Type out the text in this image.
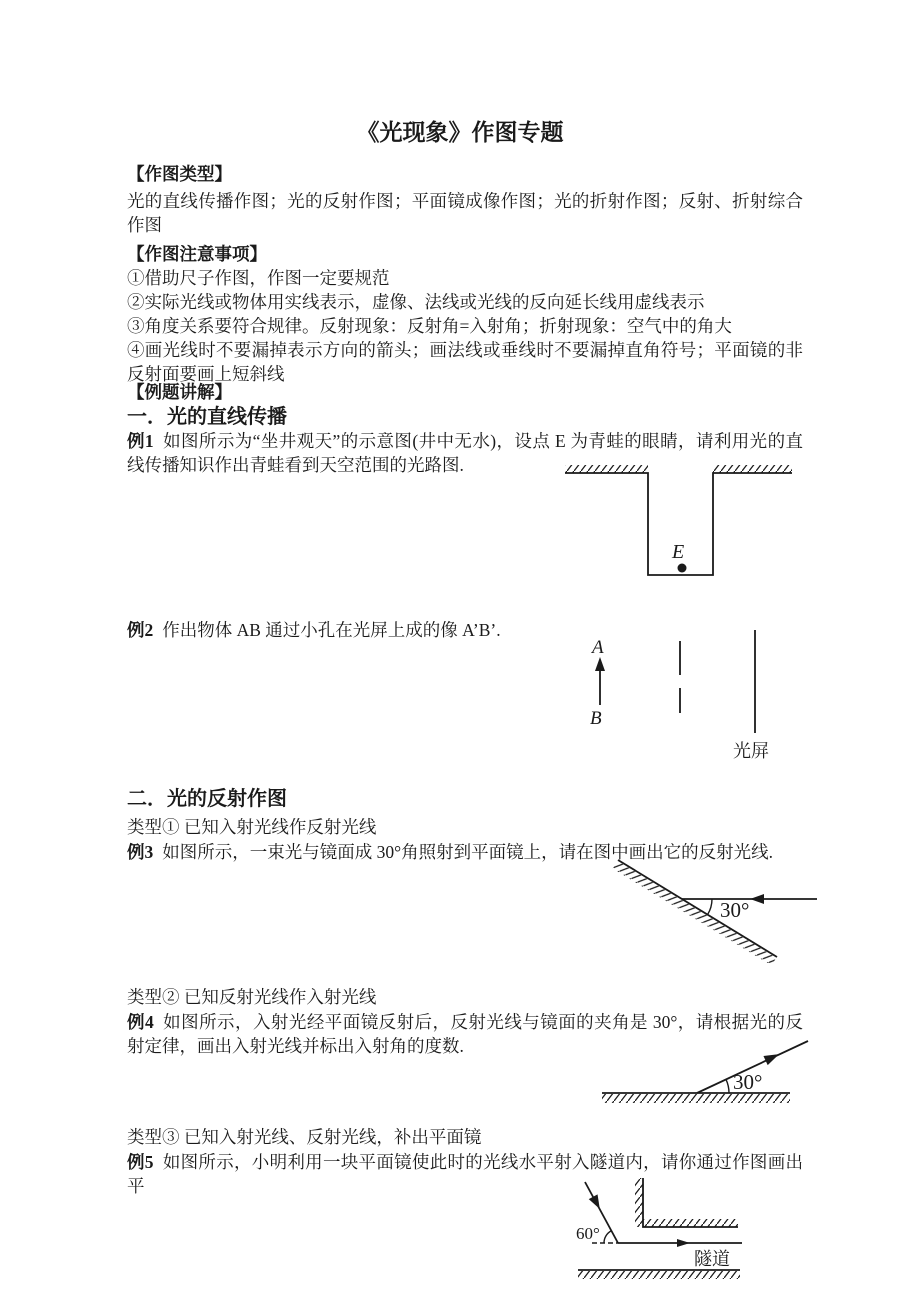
《光现象》作图专题
【作图类型】
光的直线传播作图；光的反射作图；平面镜成像作图；光的折射作图；反射、折射综合作图
【作图注意事项】
①借助尺子作图，作图一定要规范
②实际光线或物体用实线表示，虚像、法线或光线的反向延长线用虚线表示
③角度关系要符合规律。反射现象：反射角=入射角；折射现象：空气中的角大
④画光线时不要漏掉表示方向的箭头；画法线或垂线时不要漏掉直角符号；平面镜的非反射面要画上短斜线
【例题讲解】
一．光的直线传播
例1 如图所示为“坐井观天”的示意图(井中无水)，设点 E 为青蛙的眼睛，请利用光的直线传播知识作出青蛙看到天空范围的光路图.
E
例2 作出物体 AB 通过小孔在光屏上成的像 A’B’.
A
B
光屏
二．光的反射作图
类型① 已知入射光线作反射光线
例3 如图所示，一束光与镜面成 30°角照射到平面镜上，请在图中画出它的反射光线.
30°
类型② 已知反射光线作入射光线
例4 如图所示，入射光经平面镜反射后，反射光线与镜面的夹角是 30°，请根据光的反射定律，画出入射光线并标出入射角的度数.
30°
类型③ 已知入射光线、反射光线，补出平面镜
例5 如图所示，小明利用一块平面镜使此时的光线水平射入隧道内，请你通过作图画出平
60°
隧道
